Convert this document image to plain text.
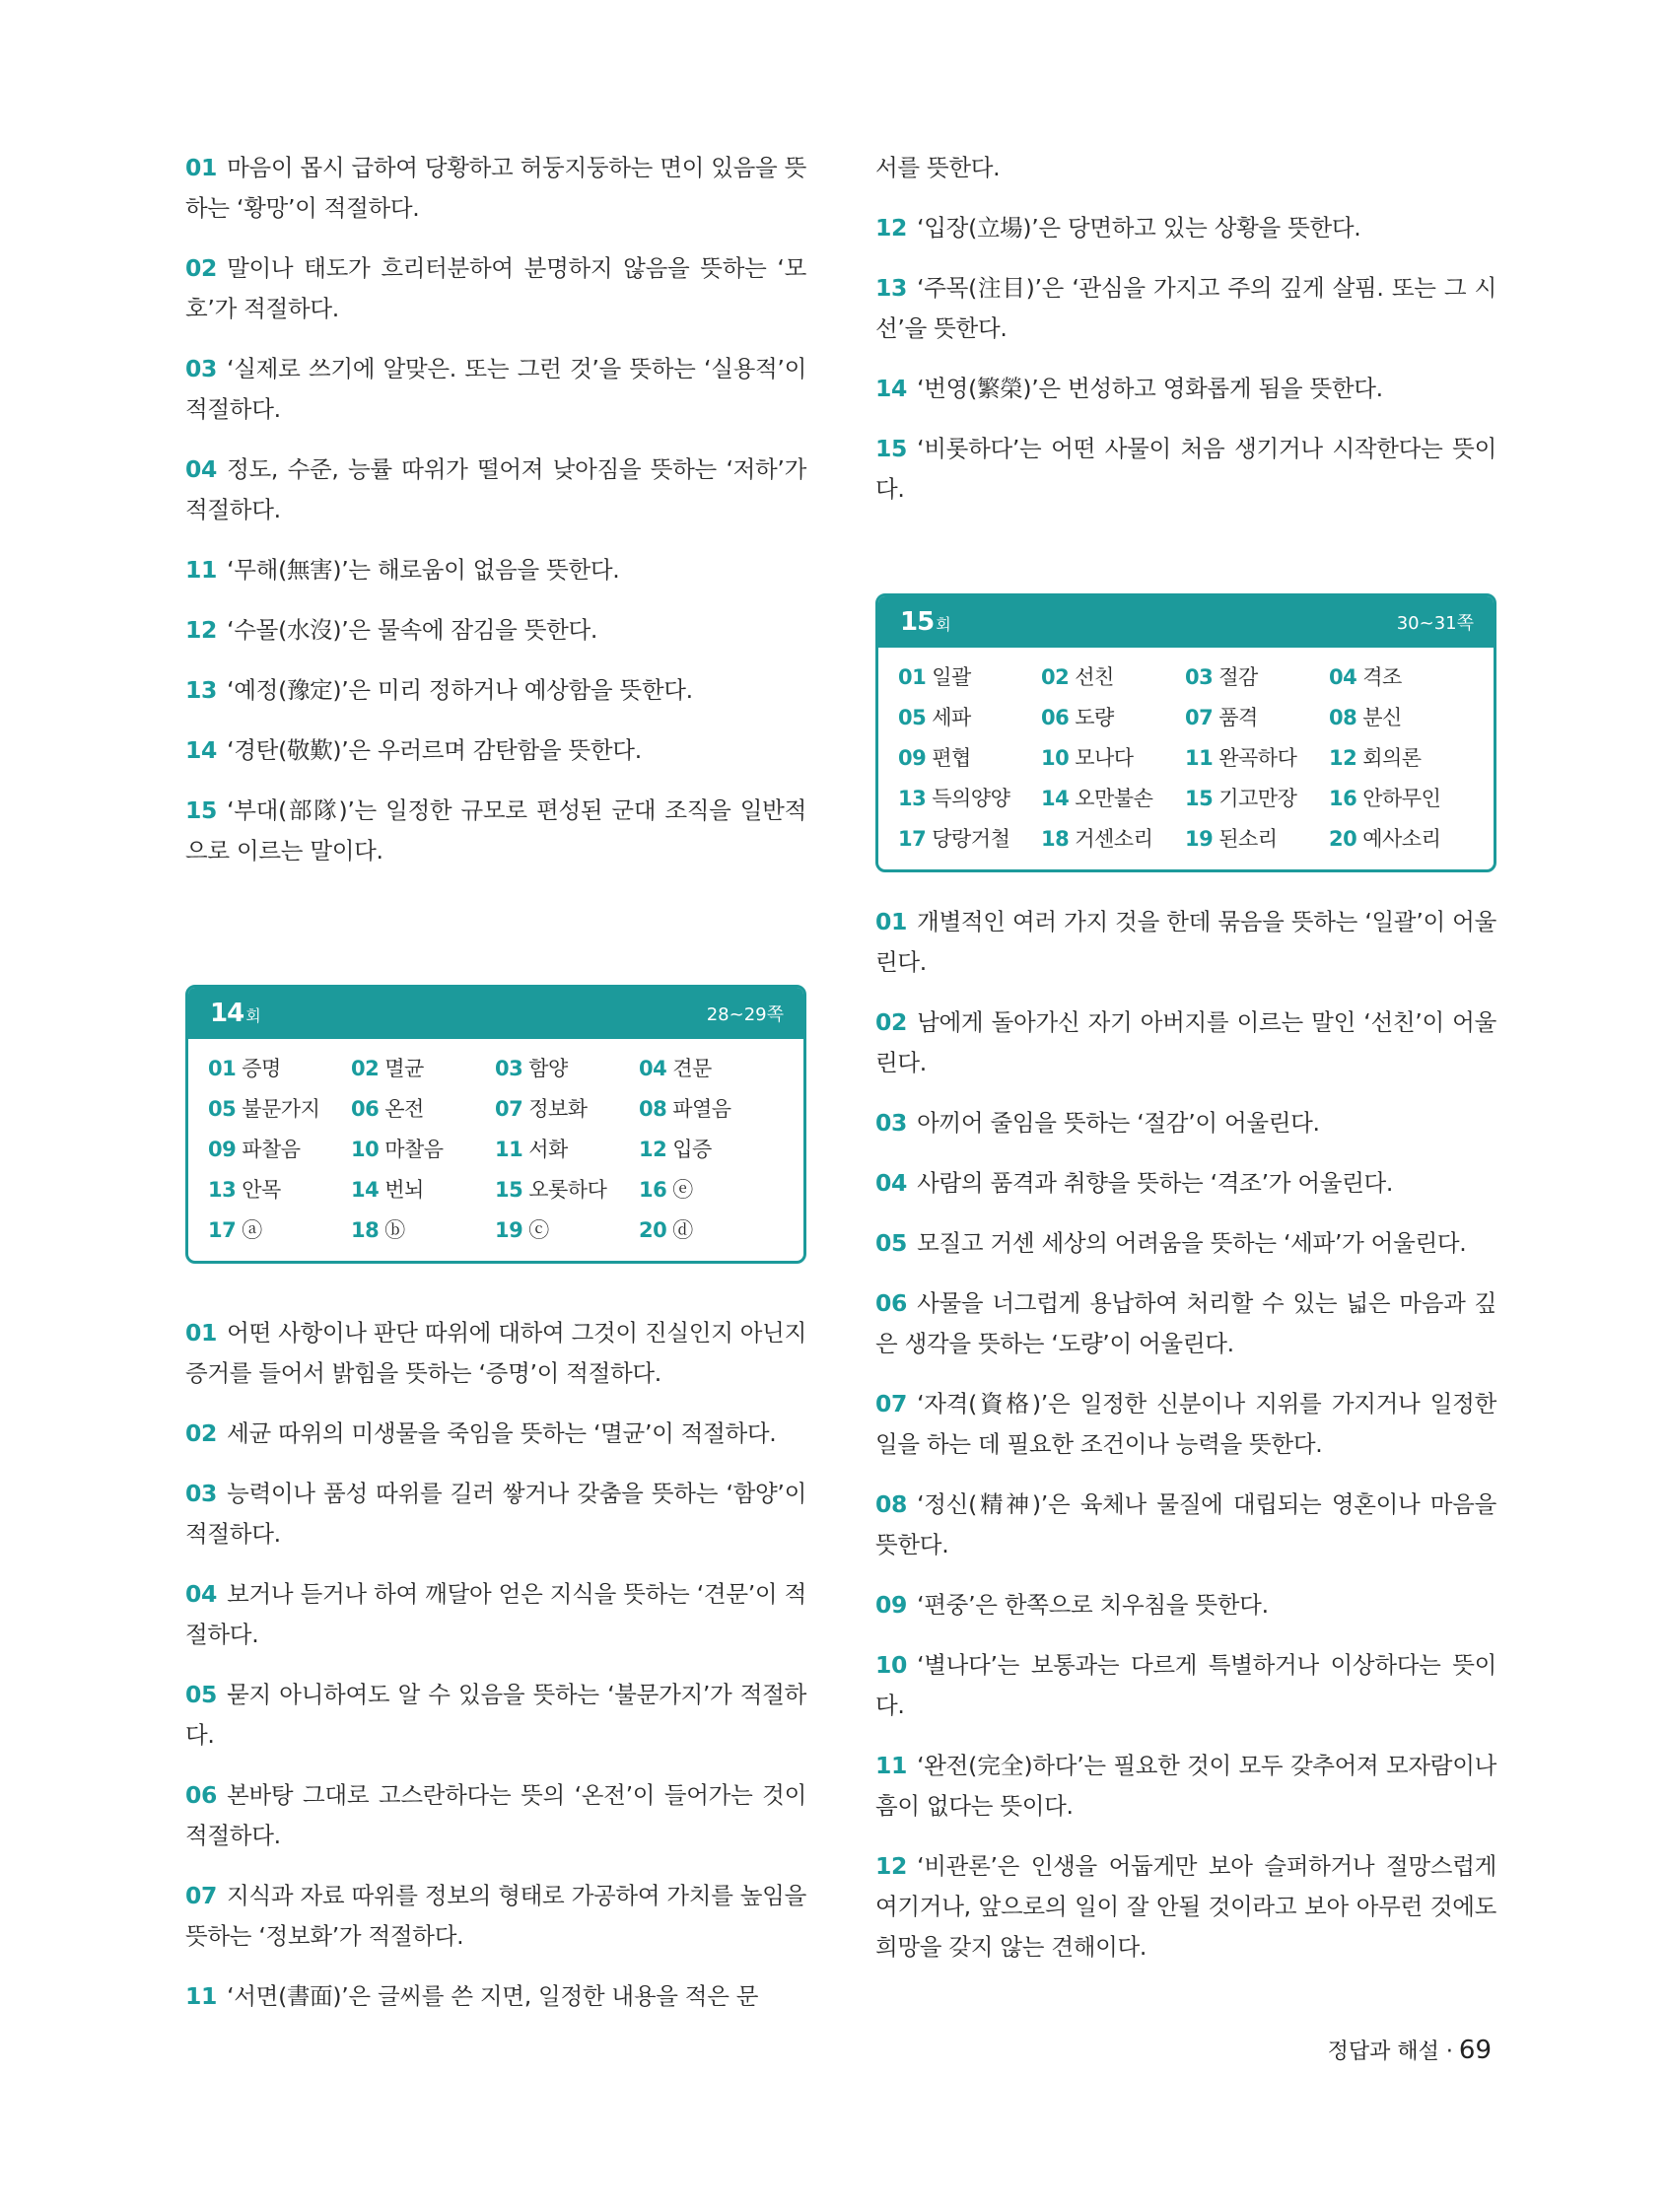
01 마음이 몹시 급하여 당황하고 허둥지둥하는 면이 있음을 뜻하는 ‘황망’이 적절하다.

02 말이나 태도가 흐리터분하여 분명하지 않음을 뜻하는 ‘모호’가 적절하다.

03 ‘실제로 쓰기에 알맞은. 또는 그런 것’을 뜻하는 ‘실용적’이 적절하다.

04 정도, 수준, 능률 따위가 떨어져 낮아짐을 뜻하는 ‘저하’가 적절하다.

11 ‘무해(無害)’는 해로움이 없음을 뜻한다.

12 ‘수몰(水沒)’은 물속에 잠김을 뜻한다.

13 ‘예정(豫定)’은 미리 정하거나 예상함을 뜻한다.

14 ‘경탄(敬歎)’은 우러르며 감탄함을 뜻한다.

15 ‘부대(部隊)’는 일정한 규모로 편성된 군대 조직을 일반적으로 이르는 말이다.

14 회	28~29쪽
01 증명	02 멸균	03 함양	04 견문
05 불문가지	06 온전	07 정보화	08 파열음
09 파찰음	10 마찰음	11 서화	12 입증
13 안목	14 번뇌	15 오롯하다	16 ⓔ
17 ⓐ	18 ⓑ	19 ⓒ	20 ⓓ

01 어떤 사항이나 판단 따위에 대하여 그것이 진실인지 아닌지 증거를 들어서 밝힘을 뜻하는 ‘증명’이 적절하다.

02 세균 따위의 미생물을 죽임을 뜻하는 ‘멸균’이 적절하다.

03 능력이나 품성 따위를 길러 쌓거나 갖춤을 뜻하는 ‘함양’이 적절하다.

04 보거나 듣거나 하여 깨달아 얻은 지식을 뜻하는 ‘견문’이 적절하다.

05 묻지 아니하여도 알 수 있음을 뜻하는 ‘불문가지’가 적절하다.

06 본바탕 그대로 고스란하다는 뜻의 ‘온전’이 들어가는 것이 적절하다.

07 지식과 자료 따위를 정보의 형태로 가공하여 가치를 높임을 뜻하는 ‘정보화’가 적절하다.

11 ‘서면(書面)’은 글씨를 쓴 지면, 일정한 내용을 적은 문

서를 뜻한다.

12 ‘입장(立場)’은 당면하고 있는 상황을 뜻한다.

13 ‘주목(注目)’은 ‘관심을 가지고 주의 깊게 살핌. 또는 그 시선’을 뜻한다.

14 ‘번영(繁榮)’은 번성하고 영화롭게 됨을 뜻한다.

15 ‘비롯하다’는 어떤 사물이 처음 생기거나 시작한다는 뜻이다.

15 회	30~31쪽
01 일괄	02 선친	03 절감	04 격조
05 세파	06 도량	07 품격	08 분신
09 편협	10 모나다	11 완곡하다	12 회의론
13 득의양양	14 오만불손	15 기고만장	16 안하무인
17 당랑거철	18 거센소리	19 된소리	20 예사소리

01 개별적인 여러 가지 것을 한데 묶음을 뜻하는 ‘일괄’이 어울린다.

02 남에게 돌아가신 자기 아버지를 이르는 말인 ‘선친’이 어울린다.

03 아끼어 줄임을 뜻하는 ‘절감’이 어울린다.

04 사람의 품격과 취향을 뜻하는 ‘격조’가 어울린다.

05 모질고 거센 세상의 어려움을 뜻하는 ‘세파’가 어울린다.

06 사물을 너그럽게 용납하여 처리할 수 있는 넓은 마음과 깊은 생각을 뜻하는 ‘도량’이 어울린다.

07 ‘자격(資格)’은 일정한 신분이나 지위를 가지거나 일정한 일을 하는 데 필요한 조건이나 능력을 뜻한다.

08 ‘정신(精神)’은 육체나 물질에 대립되는 영혼이나 마음을 뜻한다.

09 ‘편중’은 한쪽으로 치우침을 뜻한다.

10 ‘별나다’는 보통과는 다르게 특별하거나 이상하다는 뜻이다.

11 ‘완전(完全)하다’는 필요한 것이 모두 갖추어져 모자람이나 흠이 없다는 뜻이다.

12 ‘비관론’은 인생을 어둡게만 보아 슬퍼하거나 절망스럽게 여기거나, 앞으로의 일이 잘 안될 것이라고 보아 아무런 것에도 희망을 갖지 않는 견해이다.

정답과 해설 · 69
